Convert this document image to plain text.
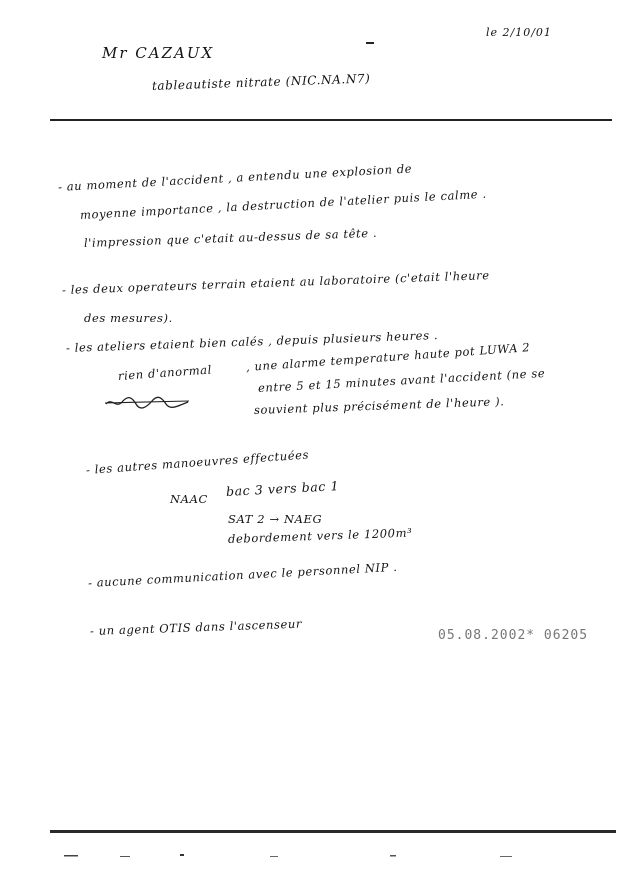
Mr CAZAUX
le 2/10/01
tableautiste nitrate (NIC.NA.N7)
- au moment de l'accident , a entendu une explosion de
moyenne importance , la destruction de l'atelier puis le calme .
l'impression que c'etait au-dessus de sa tête .
- les deux operateurs terrain etaient au laboratoire (c'etait l'heure
des mesures).
- les ateliers etaient bien calés , depuis plusieurs heures .
rien d'anormal	, une alarme temperature haute pot LUWA 2
entre 5 et 15 minutes avant l'accident (ne se
souvient plus précisément de l'heure ).
- les autres manoeuvres effectuées
NAAC
bac 3 vers bac 1
SAT 2 → NAEG
debordement vers le 1200m³
- aucune communication avec le personnel NIP .
- un agent OTIS dans l'ascenseur	05.08.2002* 06205
